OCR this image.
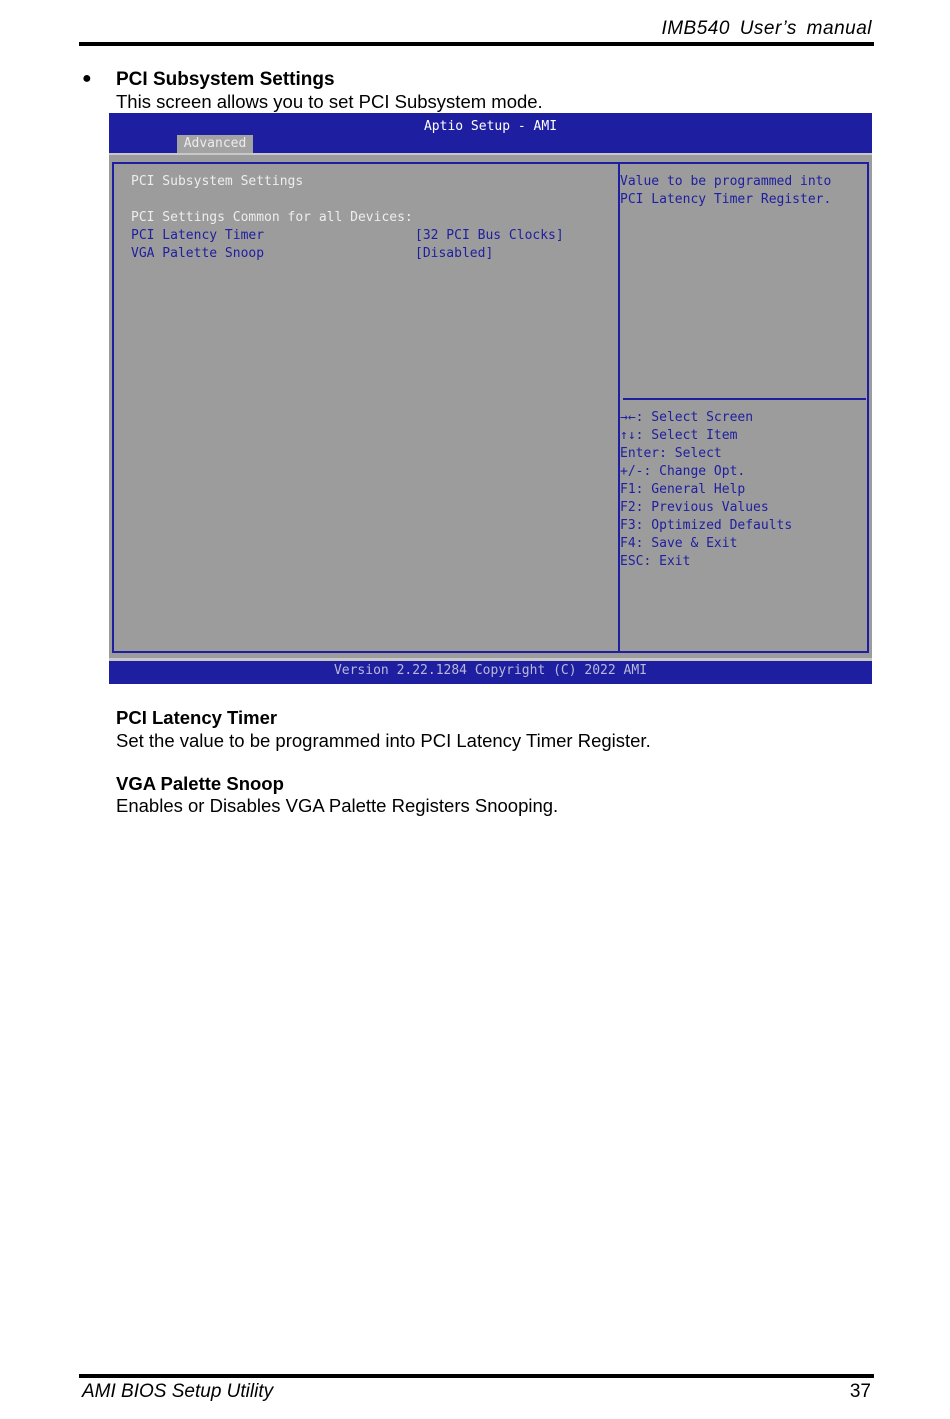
IMB540 User’s manual
● PCI Subsystem Settings
This screen allows you to set PCI Subsystem mode.
Aptio Setup - AMI
Advanced
PCI Subsystem Settings
PCI Settings Common for all Devices:
PCI Latency Timer	[32 PCI Bus Clocks]
VGA Palette Snoop	[Disabled]
Value to be programmed into
PCI Latency Timer Register.
→←: Select Screen
↑↓: Select Item
Enter: Select
+/-: Change Opt.
F1: General Help
F2: Previous Values
F3: Optimized Defaults
F4: Save & Exit
ESC: Exit
Version 2.22.1284 Copyright (C) 2022 AMI
PCI Latency Timer
Set the value to be programmed into PCI Latency Timer Register.
VGA Palette Snoop
Enables or Disables VGA Palette Registers Snooping.
AMI BIOS Setup Utility	37
